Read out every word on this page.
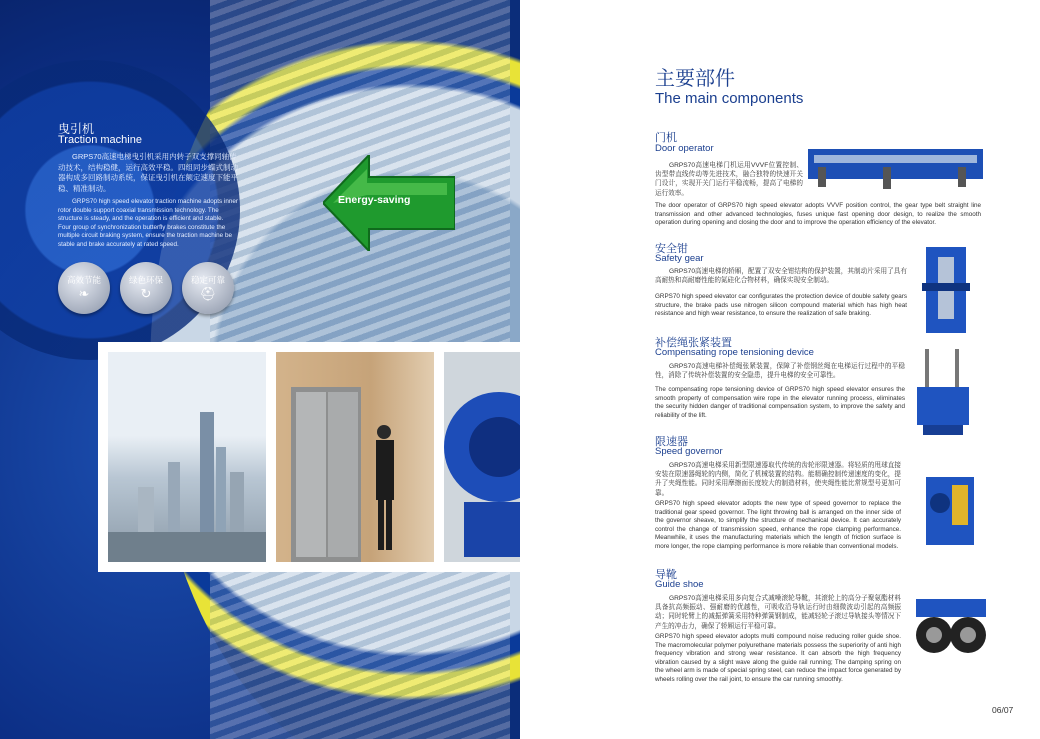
曳引机
Traction machine
GRPS70高速电梯曳引机采用内转子双支撑同轴传动技术，结构稳健，运行高效平稳。四组同步蝶式制动器构成多回路制动系统，保证曳引机在额定速度下能平稳、精准制动。
GRPS70 high speed elevator traction machine adopts inner rotor double support coaxial transmission technology. The structure is steady, and the operation is efficient and stable. Four group of synchronization butterfly brakes constitute the multiple circuit braking system, ensure the traction machine be stable and brake accurately at rated speed.
高效节能
❧
绿色环保
↻
稳定可靠
⛑
Energy-saving
主要部件
The main components
门机
Door operator
GRPS70高速电梯门机运用VVVF位置控制、齿型带直线传动等先进技术，融合独特的快速开关门设计，实现开关门运行平稳流畅，提高了电梯的运行效率。
The door operator of GRPS70 high speed elevator adopts VVVF position control, the gear type belt straight line transmission and other advanced technologies, fuses unique fast opening door design, to realize the smooth operation during opening and closing the door and to improve the operation efficiency of the elevator.
安全钳
Safety gear
GRPS70高速电梯的轿厢，配置了双安全钳结构的保护装置，其制动片采用了具有高耐热和高耐磨性能的氮硅化合物材料，确保实现安全制动。
GRPS70 high speed elevator car configurates the protection device of double safety gears structure, the brake pads use nitrogen silicon compound material which has high heat resistance and high wear resistance, to ensure the realization of safe braking.
补偿绳张紧装置
Compensating rope tensioning device
GRPS70高速电梯补偿绳张紧装置，保障了补偿钢丝绳在电梯运行过程中的平稳性，消除了传统补偿装置的安全隐患，提升电梯的安全可靠性。
The compensating rope tensioning device of GRPS70 high speed elevator ensures the smooth property of compensation wire rope in the elevator running process, eliminates the security hidden danger of traditional compensation system, to improve the safety and reliability of the lift.
限速器
Speed governor
GRPS70高速电梯采用新型限速器取代传统的齿轮形限速器。将轻质的甩球直接安装在限速器绳轮的内侧，简化了机械装置的结构。能精确控制传递速度的变化，提升了夹绳性能。同时采用摩擦面长度较大的制造材料，使夹绳性能比常规型号更加可靠。
GRPS70 high speed elevator adopts the new type of speed governor to replace the traditional gear speed governor. The light throwing ball is arranged on the inner side of the governor sheave, to simplify the structure of mechanical device. It can accurately control the change of transmission speed, enhance the rope clamping performance. Meanwhile, it uses the manufacturing materials which the length of friction surface is more longer, the rope clamping performance is more reliable than conventional models.
导靴
Guide shoe
GRPS70高速电梯采用多向复合式减噪滚轮导靴，其滚轮上的高分子聚氨酯材料具备抗高频振动、强耐磨的优越性，可吸收沿导轨运行时由细微波动引起的高频振动；同时轮臂上的减振弹簧采用特种弹簧钢制成，能减轻轮子滚过导轨接头等情况下产生的冲击力，确保了轿厢运行平稳可靠。
GRPS70 high speed elevator adopts multi compound noise reducing roller guide shoe. The macromolecular polymer polyurethane materials possess the superiority of anti high frequency vibration and strong wear resistance. It can absorb the high frequency vibration caused by a slight wave along the guide rail running; The damping spring on the wheel arm is made of special spring steel, can reduce the impact force generated by wheels rolling over the rail joint, to ensure the car running smoothly.
06/07
